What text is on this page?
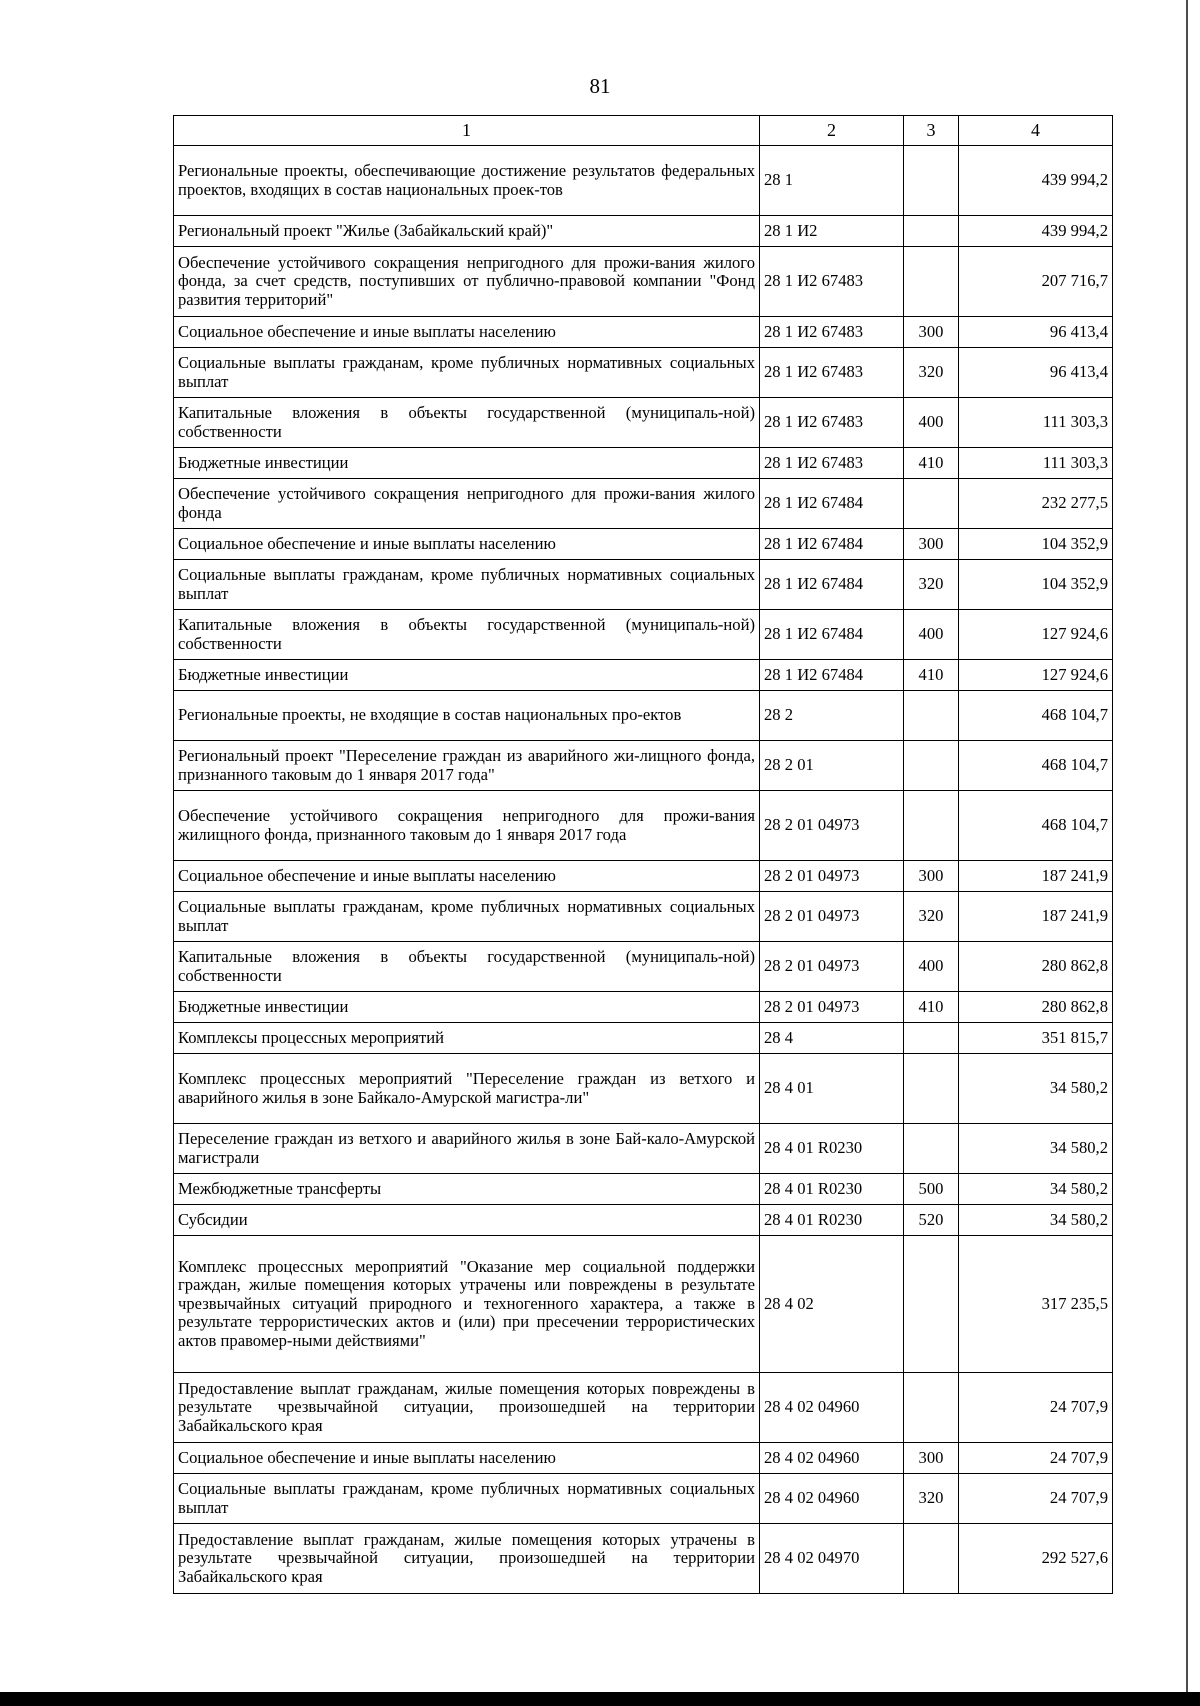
81
1	2	3	4
Региональные проекты, обеспечивающие достижение результатов федеральных проектов, входящих в состав национальных проек-тов	28 1		439 994,2
Региональный проект "Жилье (Забайкальский край)"	28 1 И2		439 994,2
Обеспечение устойчивого сокращения непригодного для прожи-вания жилого фонда, за счет средств, поступивших от публично-правовой компании "Фонд развития территорий"	28 1 И2 67483		207 716,7
Социальное обеспечение и иные выплаты населению	28 1 И2 67483	300	96 413,4
Социальные выплаты гражданам, кроме публичных нормативных социальных выплат	28 1 И2 67483	320	96 413,4
Капитальные вложения в объекты государственной (муниципаль-ной) собственности	28 1 И2 67483	400	111 303,3
Бюджетные инвестиции	28 1 И2 67483	410	111 303,3
Обеспечение устойчивого сокращения непригодного для прожи-вания жилого фонда	28 1 И2 67484		232 277,5
Социальное обеспечение и иные выплаты населению	28 1 И2 67484	300	104 352,9
Социальные выплаты гражданам, кроме публичных нормативных социальных выплат	28 1 И2 67484	320	104 352,9
Капитальные вложения в объекты государственной (муниципаль-ной) собственности	28 1 И2 67484	400	127 924,6
Бюджетные инвестиции	28 1 И2 67484	410	127 924,6
Региональные проекты, не входящие в состав национальных про-ектов	28 2		468 104,7
Региональный проект "Переселение граждан из аварийного жи-лищного фонда, признанного таковым до 1 января 2017 года"	28 2 01		468 104,7
Обеспечение устойчивого сокращения непригодного для прожи-вания жилищного фонда, признанного таковым до 1 января 2017 года	28 2 01 04973		468 104,7
Социальное обеспечение и иные выплаты населению	28 2 01 04973	300	187 241,9
Социальные выплаты гражданам, кроме публичных нормативных социальных выплат	28 2 01 04973	320	187 241,9
Капитальные вложения в объекты государственной (муниципаль-ной) собственности	28 2 01 04973	400	280 862,8
Бюджетные инвестиции	28 2 01 04973	410	280 862,8
Комплексы процессных мероприятий	28 4		351 815,7
Комплекс процессных мероприятий "Переселение граждан из ветхого и аварийного жилья в зоне Байкало-Амурской магистра-ли"	28 4 01		34 580,2
Переселение граждан из ветхого и аварийного жилья в зоне Бай-кало-Амурской магистрали	28 4 01 R0230		34 580,2
Межбюджетные трансферты	28 4 01 R0230	500	34 580,2
Субсидии	28 4 01 R0230	520	34 580,2
Комплекс процессных мероприятий "Оказание мер социальной поддержки граждан, жилые помещения которых утрачены или повреждены в результате чрезвычайных ситуаций природного и техногенного характера, а также в результате террористических актов и (или) при пресечении террористических актов правомер-ными действиями"	28 4 02		317 235,5
Предоставление выплат гражданам, жилые помещения которых повреждены в результате чрезвычайной ситуации, произошедшей на территории Забайкальского края	28 4 02 04960		24 707,9
Социальное обеспечение и иные выплаты населению	28 4 02 04960	300	24 707,9
Социальные выплаты гражданам, кроме публичных нормативных социальных выплат	28 4 02 04960	320	24 707,9
Предоставление выплат гражданам, жилые помещения которых утрачены в результате чрезвычайной ситуации, произошедшей на территории Забайкальского края	28 4 02 04970		292 527,6
